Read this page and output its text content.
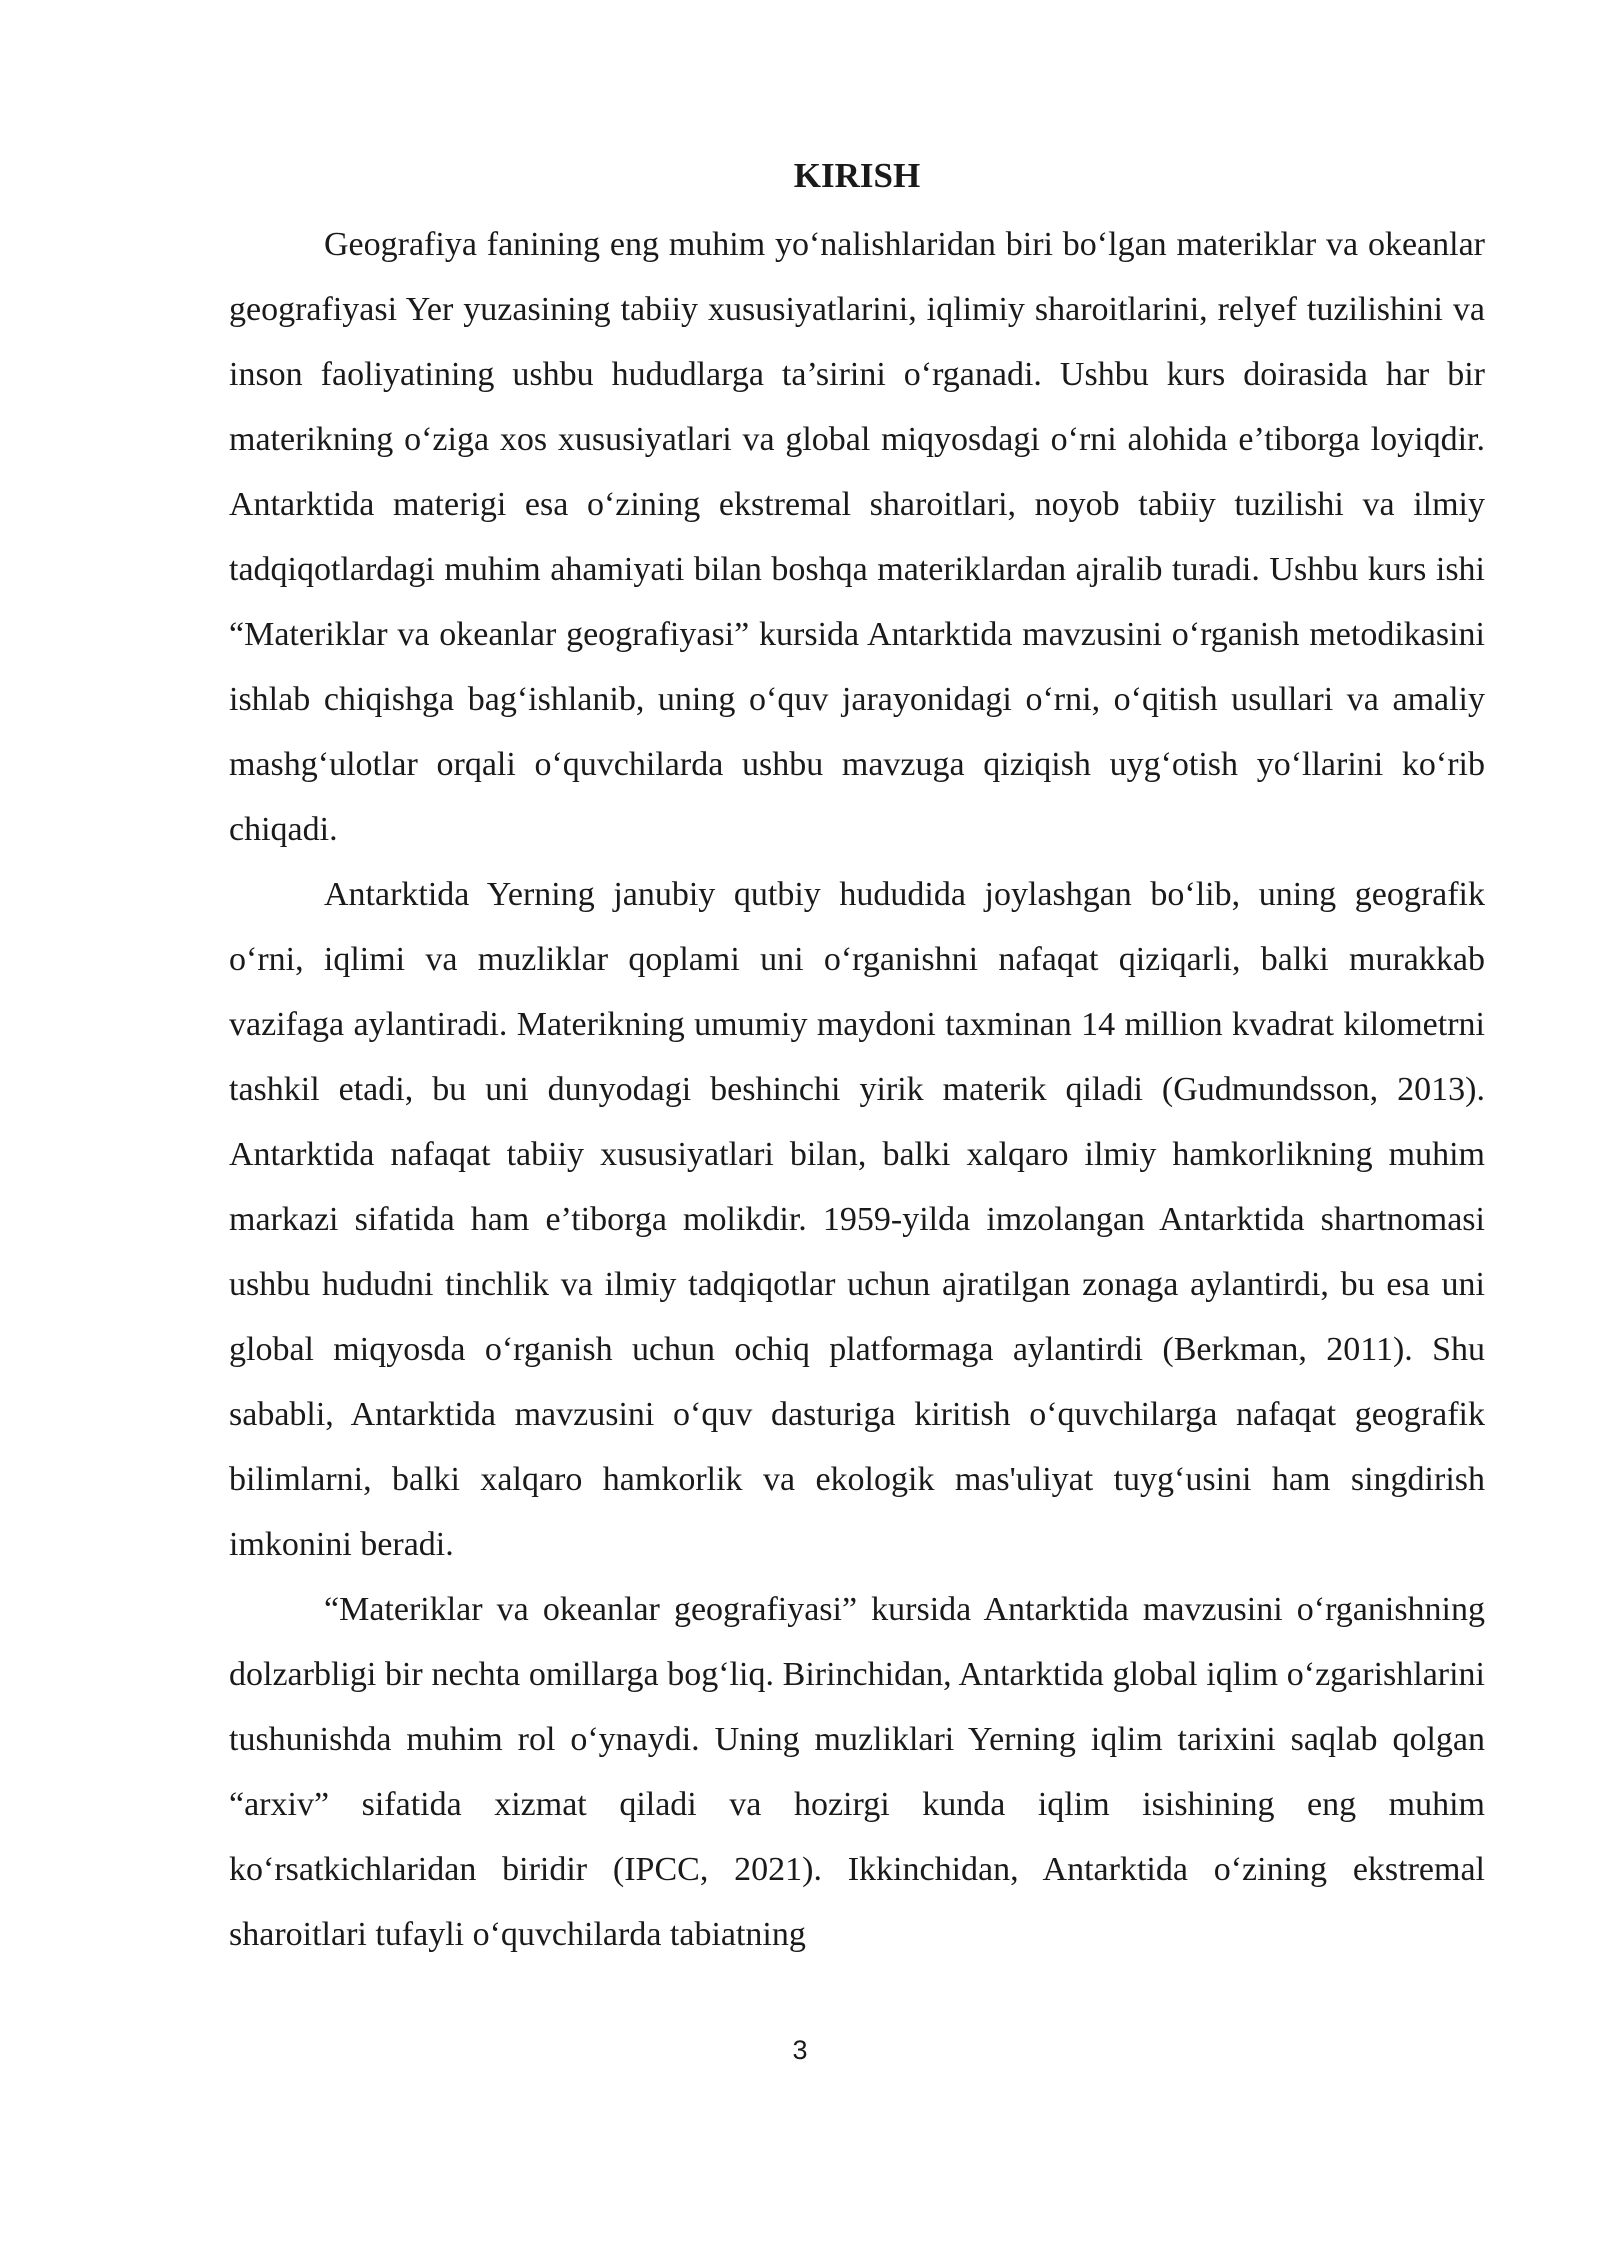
KIRISH

Geografiya fanining eng muhim yo‘nalishlaridan biri bo‘lgan materiklar va okeanlar geografiyasi Yer yuzasining tabiiy xususiyatlarini, iqlimiy sharoitlarini, relyef tuzilishini va inson faoliyatining ushbu hududlarga ta’sirini o‘rganadi. Ushbu kurs doirasida har bir materikning o‘ziga xos xususiyatlari va global miqyosdagi o‘rni alohida e’tiborga loyiqdir. Antarktida materigi esa o‘zining ekstremal sharoitlari, noyob tabiiy tuzilishi va ilmiy tadqiqotlardagi muhim ahamiyati bilan boshqa materiklardan ajralib turadi. Ushbu kurs ishi “Materiklar va okeanlar geografiyasi” kursida Antarktida mavzusini o‘rganish metodikasini ishlab chiqishga bag‘ishlanib, uning o‘quv jarayonidagi o‘rni, o‘qitish usullari va amaliy mashg‘ulotlar orqali o‘quvchilarda ushbu mavzuga qiziqish uyg‘otish yo‘llarini ko‘rib chiqadi.

Antarktida Yerning janubiy qutbiy hududida joylashgan bo‘lib, uning geografik o‘rni, iqlimi va muzliklar qoplami uni o‘rganishni nafaqat qiziqarli, balki murakkab vazifaga aylantiradi. Materikning umumiy maydoni taxminan 14 million kvadrat kilometrni tashkil etadi, bu uni dunyodagi beshinchi yirik materik qiladi (Gudmundsson, 2013). Antarktida nafaqat tabiiy xususiyatlari bilan, balki xalqaro ilmiy hamkorlikning muhim markazi sifatida ham e’tiborga molikdir. 1959-yilda imzolangan Antarktida shartnomasi ushbu hududni tinchlik va ilmiy tadqiqotlar uchun ajratilgan zonaga aylantirdi, bu esa uni global miqyosda o‘rganish uchun ochiq platformaga aylantirdi (Berkman, 2011). Shu sababli, Antarktida mavzusini o‘quv dasturiga kiritish o‘quvchilarga nafaqat geografik bilimlarni, balki xalqaro hamkorlik va ekologik mas'uliyat tuyg‘usini ham singdirish imkonini beradi.

“Materiklar va okeanlar geografiyasi” kursida Antarktida mavzusini o‘rganishning dolzarbligi bir nechta omillarga bog‘liq. Birinchidan, Antarktida global iqlim o‘zgarishlarini tushunishda muhim rol o‘ynaydi. Uning muzliklari Yerning iqlim tarixini saqlab qolgan “arxiv” sifatida xizmat qiladi va hozirgi kunda iqlim isishining eng muhim ko‘rsatkichlaridan biridir (IPCC, 2021). Ikkinchidan, Antarktida o‘zining ekstremal sharoitlari tufayli o‘quvchilarda tabiatning

3
